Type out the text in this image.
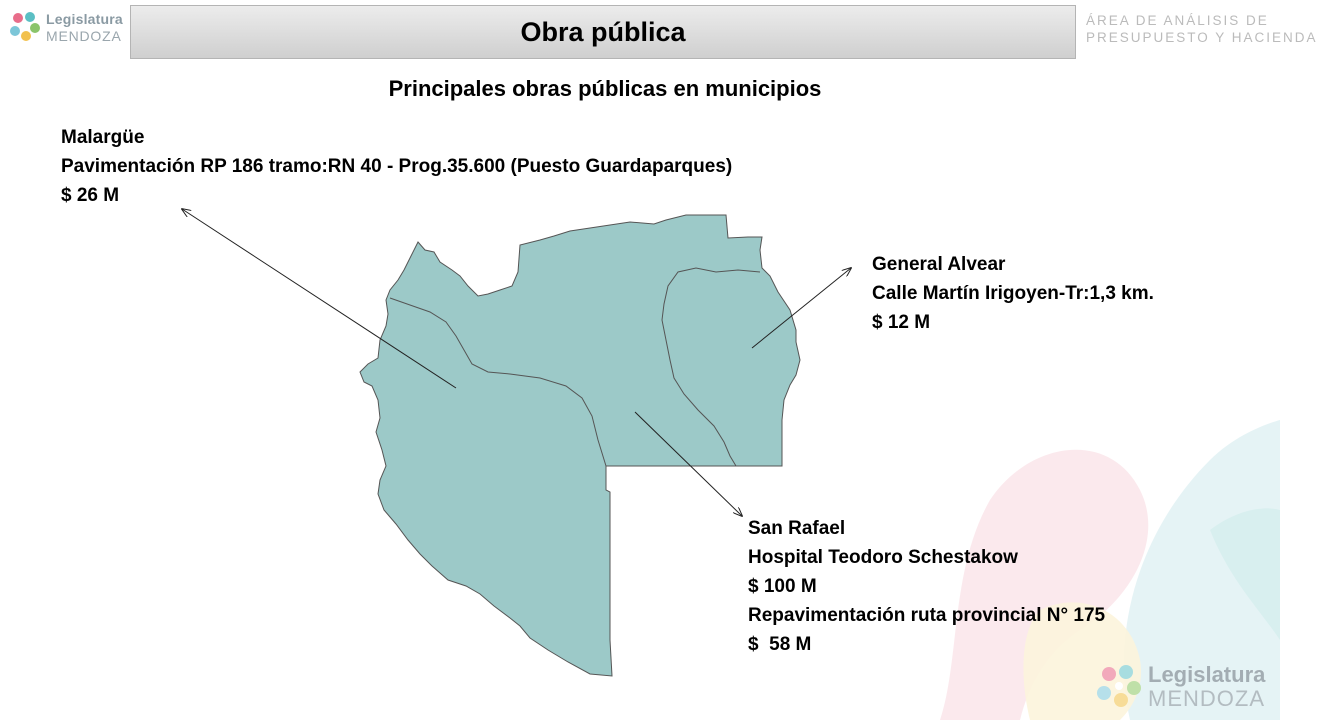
Legislatura
MENDOZA	Obra pública	ÁREA DE ANÁLISIS DE
PRESUPUESTO Y HACIENDA
Principales obras públicas en municipios
Malargüe
Pavimentación RP 186 tramo:RN 40 - Prog.35.600 (Puesto Guardaparques)
$ 26 M
General Alvear
Calle Martín Irigoyen-Tr:1,3 km.
$ 12 M
San Rafael
Hospital Teodoro Schestakow
$ 100 M
Repavimentación ruta provincial N° 175
$  58 M
Legislatura
MENDOZA
